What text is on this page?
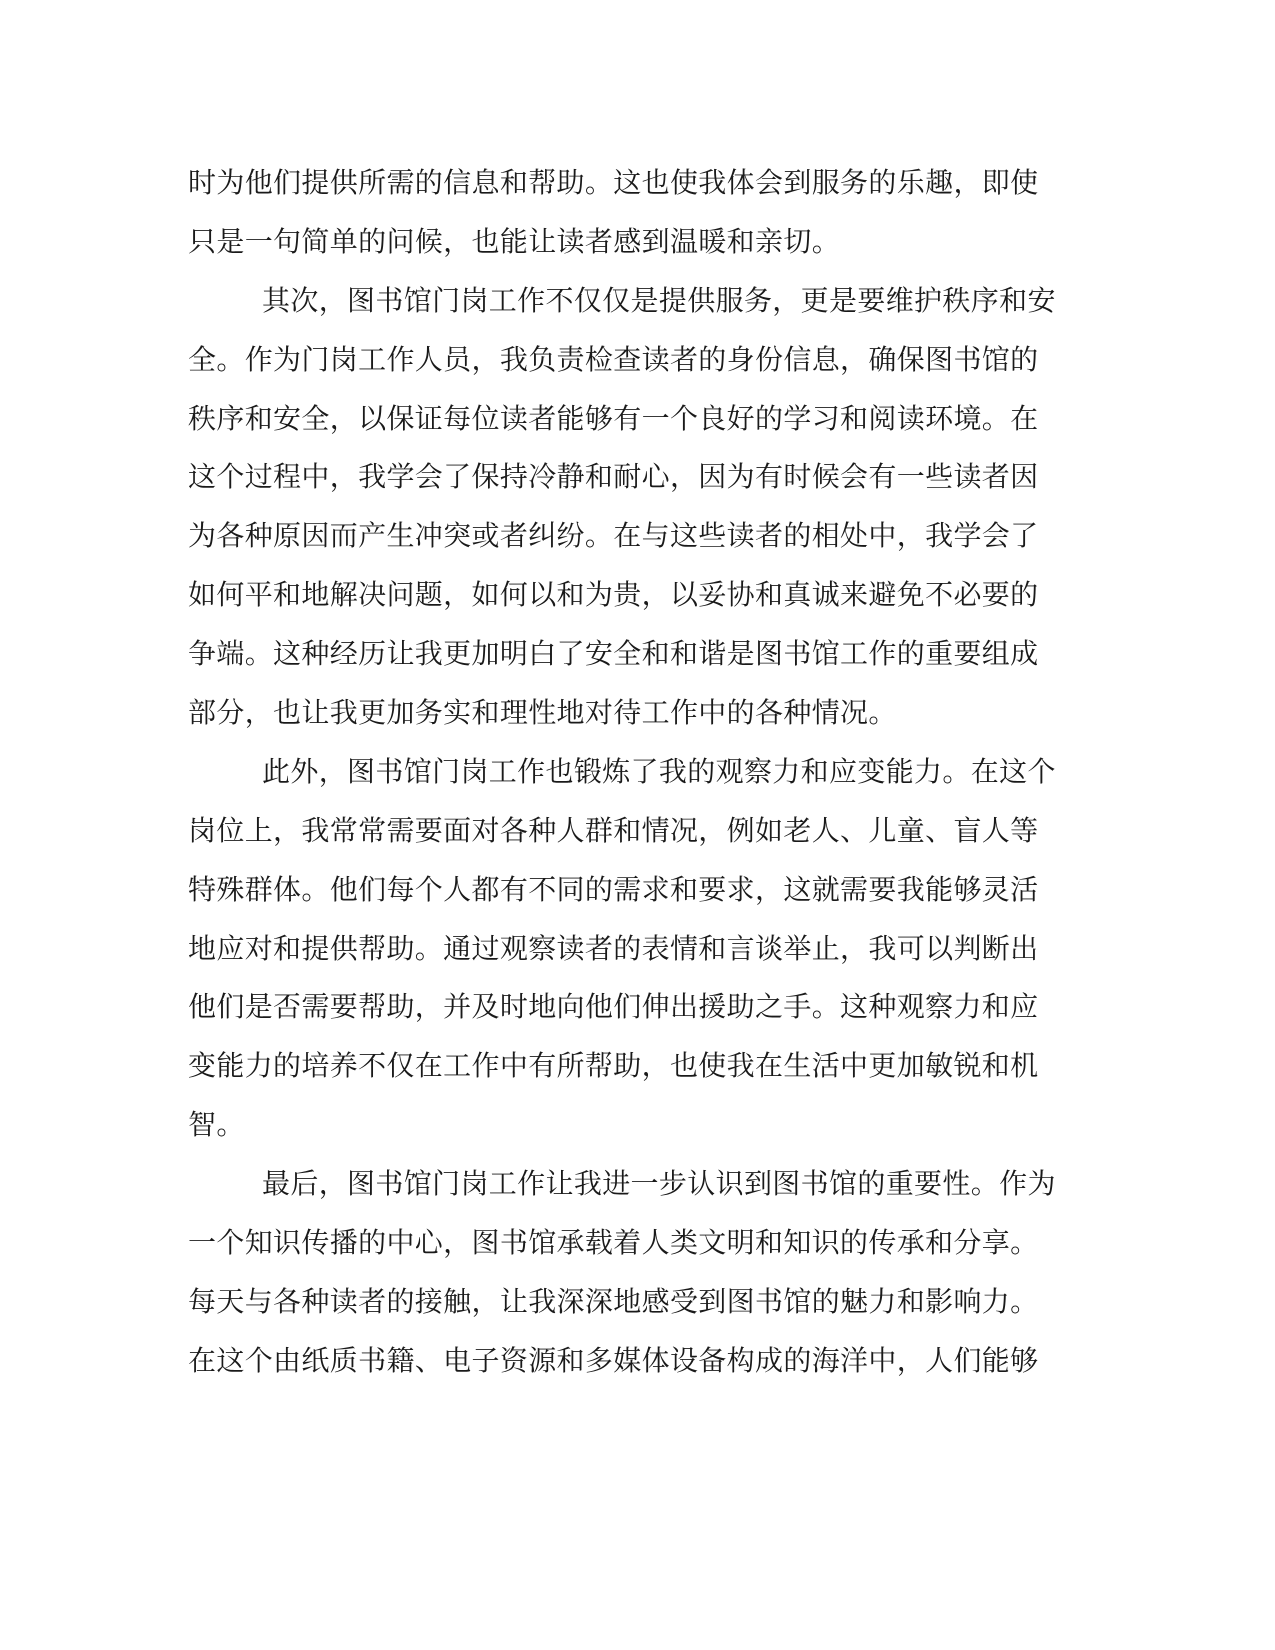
时为他们提供所需的信息和帮助。这也使我体会到服务的乐趣，即使
只是一句简单的问候，也能让读者感到温暖和亲切。
其次，图书馆门岗工作不仅仅是提供服务，更是要维护秩序和安
全。作为门岗工作人员，我负责检查读者的身份信息，确保图书馆的
秩序和安全，以保证每位读者能够有一个良好的学习和阅读环境。在
这个过程中，我学会了保持冷静和耐心，因为有时候会有一些读者因
为各种原因而产生冲突或者纠纷。在与这些读者的相处中，我学会了
如何平和地解决问题，如何以和为贵，以妥协和真诚来避免不必要的
争端。这种经历让我更加明白了安全和和谐是图书馆工作的重要组成
部分，也让我更加务实和理性地对待工作中的各种情况。
此外，图书馆门岗工作也锻炼了我的观察力和应变能力。在这个
岗位上，我常常需要面对各种人群和情况，例如老人、儿童、盲人等
特殊群体。他们每个人都有不同的需求和要求，这就需要我能够灵活
地应对和提供帮助。通过观察读者的表情和言谈举止，我可以判断出
他们是否需要帮助，并及时地向他们伸出援助之手。这种观察力和应
变能力的培养不仅在工作中有所帮助，也使我在生活中更加敏锐和机
智。
最后，图书馆门岗工作让我进一步认识到图书馆的重要性。作为
一个知识传播的中心，图书馆承载着人类文明和知识的传承和分享。
每天与各种读者的接触，让我深深地感受到图书馆的魅力和影响力。
在这个由纸质书籍、电子资源和多媒体设备构成的海洋中，人们能够
